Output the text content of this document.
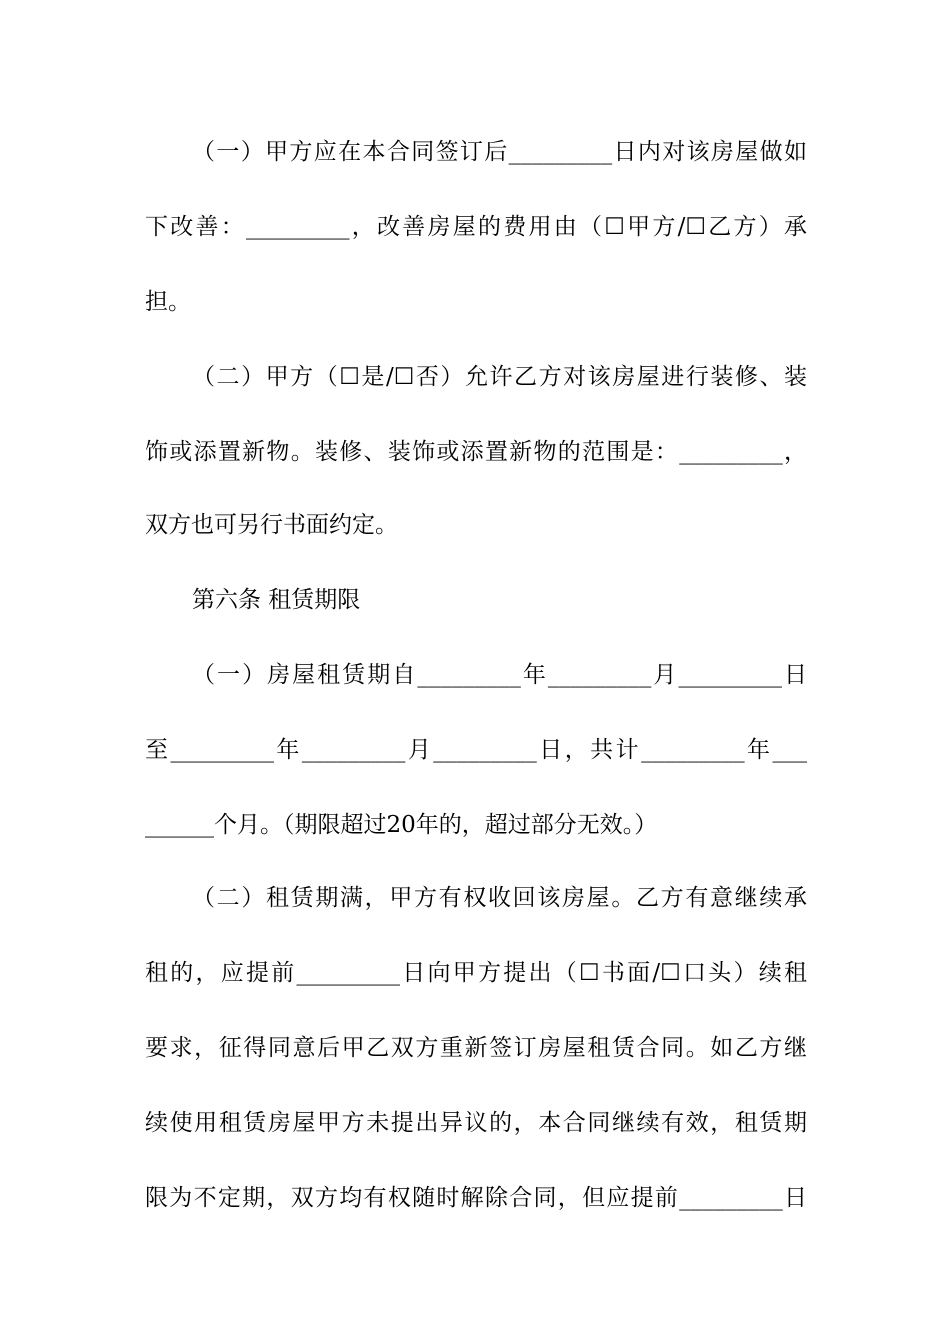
（一）甲方应在本合同签订后_________日内对该房屋做如
下改善：_________，改善房屋的费用由（☐甲方/☐乙方）承
担。
（二）甲方（☐是/☐否）允许乙方对该房屋进行装修、装
饰或添置新物。装修、装饰或添置新物的范围是：_________，
双方也可另行书面约定。
第六条 租赁期限
（一）房屋租赁期自_________年_________月_________日
至_________年_________月_________日，共计_________年___
______个月。（期限超过20年的，超过部分无效。）
（二）租赁期满，甲方有权收回该房屋。乙方有意继续承
租的，应提前_________日向甲方提出（☐书面/☐口头）续租
要求，征得同意后甲乙双方重新签订房屋租赁合同。如乙方继
续使用租赁房屋甲方未提出异议的，本合同继续有效，租赁期
限为不定期，双方均有权随时解除合同，但应提前_________日
